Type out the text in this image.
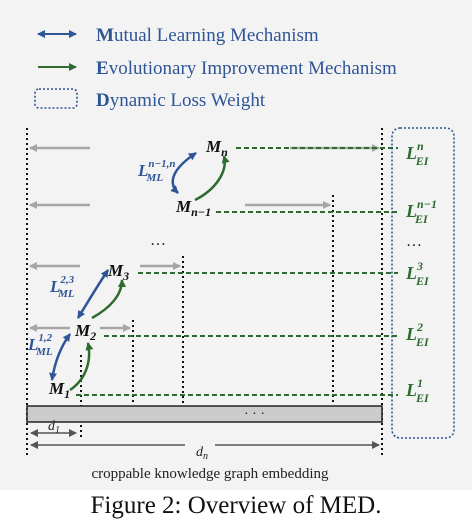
Mutual Learning Mechanism
Evolutionary Improvement Mechanism
Dynamic Loss Weight
$M_n$
$M_{n-1}$
$M_3$
$M_2$
$M_1$
…
$L^{n-1,n}$ ML
L$^{2,3}$ ML
L$^{1,2}$ ML
$L^n$ EI
$L^{n-1}$ EI
…
$L^3$ EI
$L^2$ EI
$L^1$ EI
· · ·
$d_1$
$d_n$
croppable knowledge graph embedding
Figure 2: Overview of MED.
